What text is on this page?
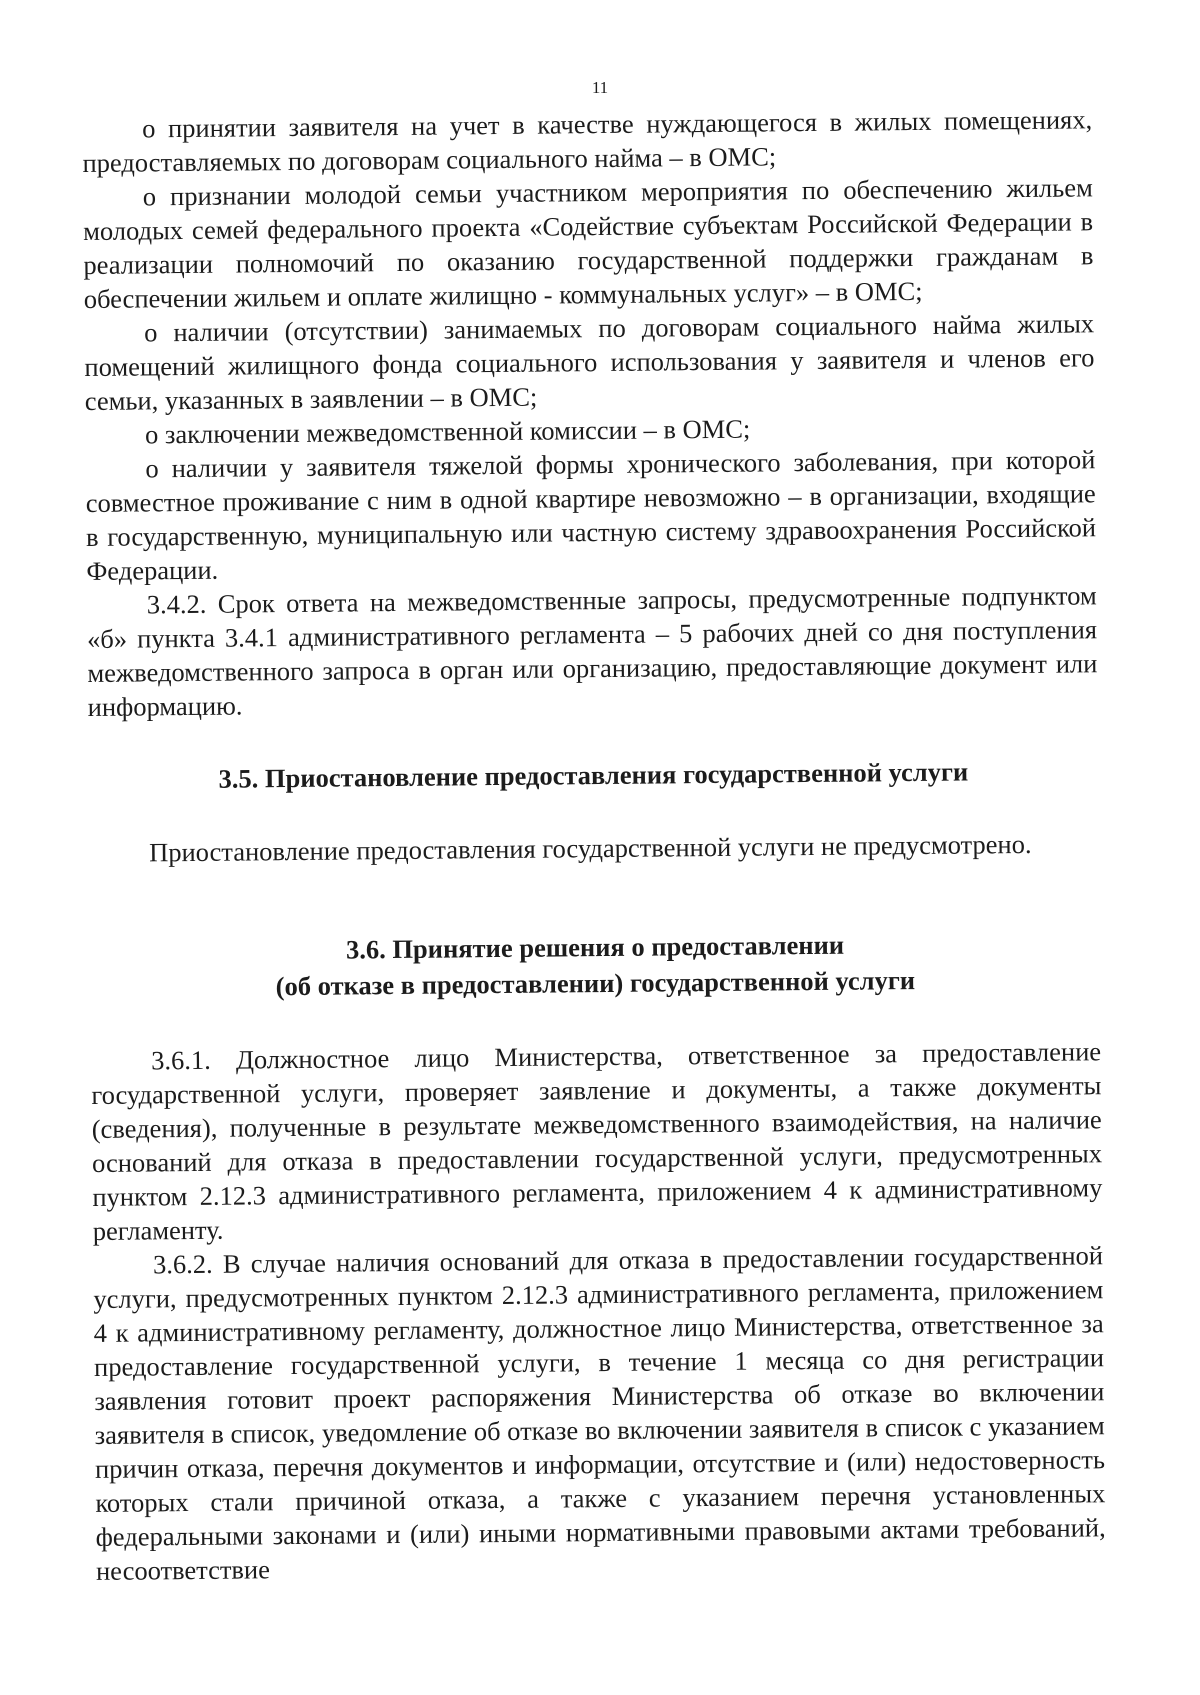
11

о принятии заявителя на учет в качестве нуждающегося в жилых помещениях, предоставляемых по договорам социального найма – в ОМС;

о признании молодой семьи участником мероприятия по обеспечению жильем молодых семей федерального проекта «Содействие субъектам Российской Федерации в реализации полномочий по оказанию государственной поддержки гражданам в обеспечении жильем и оплате жилищно - коммунальных услуг» – в ОМС;

о наличии (отсутствии) занимаемых по договорам социального найма жилых помещений жилищного фонда социального использования у заявителя и членов его семьи, указанных в заявлении – в ОМС;

о заключении межведомственной комиссии – в ОМС;

о наличии у заявителя тяжелой формы хронического заболевания, при которой совместное проживание с ним в одной квартире невозможно – в организации, входящие в государственную, муниципальную или частную систему здравоохранения Российской Федерации.

3.4.2. Срок ответа на межведомственные запросы, предусмотренные подпунктом «б» пункта 3.4.1 административного регламента – 5 рабочих дней со дня поступления межведомственного запроса в орган или организацию, предоставляющие документ или информацию.

3.5. Приостановление предоставления государственной услуги

Приостановление предоставления государственной услуги не предусмотрено.

3.6. Принятие решения о предоставлении
(об отказе в предоставлении) государственной услуги

3.6.1. Должностное лицо Министерства, ответственное за предоставление государственной услуги, проверяет заявление и документы, а также документы (сведения), полученные в результате межведомственного взаимодействия, на наличие оснований для отказа в предоставлении государственной услуги, предусмотренных пунктом 2.12.3 административного регламента, приложением 4 к административному регламенту.

3.6.2. В случае наличия оснований для отказа в предоставлении государственной услуги, предусмотренных пунктом 2.12.3 административного регламента, приложением 4 к административному регламенту, должностное лицо Министерства, ответственное за предоставление государственной услуги, в течение 1 месяца со дня регистрации заявления готовит проект распоряжения Министерства об отказе во включении заявителя в список, уведомление об отказе во включении заявителя в список с указанием причин отказа, перечня документов и информации, отсутствие и (или) недостоверность которых стали причиной отказа, а также с указанием перечня установленных федеральными законами и (или) иными нормативными правовыми актами требований, несоответствие
